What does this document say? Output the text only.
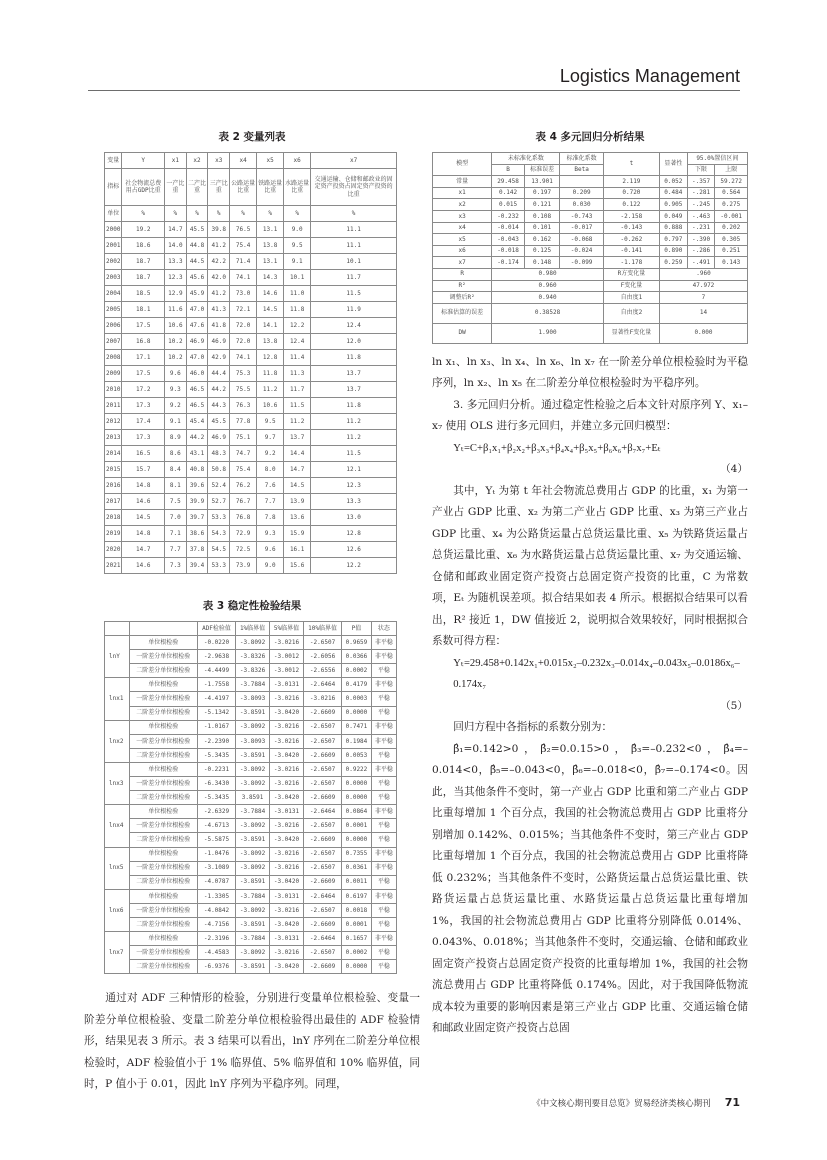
Logistics Management
表 2 变量列表
变量	Y	x1	x2	x3	x4	x5	x6	x7
指标	社会物流总费用占GDP比重	一产比重	二产比重	三产比重	公路运量比重	铁路运量比重	水路运量比重	交通运输、仓储和邮政业的固定资产投资占固定资产投资的比重
单位	%	%	%	%	%	%	%	%
2000	19.2	14.7	45.5	39.8	76.5	13.1	9.0	11.1
2001	18.6	14.0	44.8	41.2	75.4	13.8	9.5	11.1
2002	18.7	13.3	44.5	42.2	71.4	13.1	9.1	10.1
2003	18.7	12.3	45.6	42.0	74.1	14.3	10.1	11.7
2004	18.5	12.9	45.9	41.2	73.0	14.6	11.0	11.5
2005	18.1	11.6	47.0	41.3	72.1	14.5	11.8	11.9
2006	17.5	10.6	47.6	41.8	72.0	14.1	12.2	12.4
2007	16.8	10.2	46.9	46.9	72.0	13.8	12.4	12.0
2008	17.1	10.2	47.0	42.9	74.1	12.8	11.4	11.8
2009	17.5	9.6	46.0	44.4	75.3	11.8	11.3	13.7
2010	17.2	9.3	46.5	44.2	75.5	11.2	11.7	13.7
2011	17.3	9.2	46.5	44.3	76.3	10.6	11.5	11.8
2012	17.4	9.1	45.4	45.5	77.8	9.5	11.2	11.2
2013	17.3	8.9	44.2	46.9	75.1	9.7	13.7	11.2
2014	16.5	8.6	43.1	48.3	74.7	9.2	14.4	11.5
2015	15.7	8.4	40.8	50.8	75.4	8.0	14.7	12.1
2016	14.8	8.1	39.6	52.4	76.2	7.6	14.5	12.3
2017	14.6	7.5	39.9	52.7	76.7	7.7	13.9	13.3
2018	14.5	7.0	39.7	53.3	76.8	7.8	13.6	13.0
2019	14.8	7.1	38.6	54.3	72.9	9.3	15.9	12.8
2020	14.7	7.7	37.8	54.5	72.5	9.6	16.1	12.6
2021	14.6	7.3	39.4	53.3	73.9	9.0	15.6	12.2
表 3 稳定性检验结果
		ADF检验值	1%临界值	5%临界值	10%临界值	P值	状态
lnY	单位根检验	-0.0220	-3.8092	-3.0216	-2.6507	0.9659	非平稳
	一阶差分单位根检验	-2.9638	-3.8326	-3.0012	-2.6056	0.0366	非平稳
	二阶差分单位根检验	-4.4499	-3.8326	-3.0012	-2.6556	0.0002	平稳
lnx1	单位根检验	-1.7558	-3.7884	-3.0131	-2.6464	0.4179	非平稳
	一阶差分单位根检验	-4.4197	-3.8093	-3.0216	-3.0216	0.0003	平稳
	二阶差分单位根检验	-5.1342	-3.8591	-3.0420	-2.6609	0.0000	平稳
lnx2	单位根检验	-1.0167	-3.8092	-3.0216	-2.6507	0.7471	非平稳
	一阶差分单位根检验	-2.2390	-3.8093	-3.0216	-2.6507	0.1984	非平稳
	二阶差分单位根检验	-5.3435	-3.8591	-3.0420	-2.6609	0.0053	平稳
lnx3	单位根检验	-0.2231	-3.8092	-3.0216	-2.6507	0.9222	非平稳
	一阶差分单位根检验	-6.3430	-3.8092	-3.0216	-2.6507	0.0000	平稳
	二阶差分单位根检验	-5.3435	3.8591	-3.0420	-2.6609	0.0000	平稳
lnx4	单位根检验	-2.6329	-3.7884	-3.0131	-2.6464	0.0864	非平稳
	一阶差分单位根检验	-4.6713	-3.8092	-3.0216	-2.6507	0.0001	平稳
	二阶差分单位根检验	-5.5875	-3.8591	-3.0420	-2.6609	0.0000	平稳
lnx5	单位根检验	-1.0476	-3.8092	-3.0216	-2.6507	0.7355	非平稳
	一阶差分单位根检验	-3.1089	-3.8092	-3.0216	-2.6507	0.0361	非平稳
	二阶差分单位根检验	-4.0787	-3.8591	-3.0420	-2.6609	0.0011	平稳
lnx6	单位根检验	-1.3305	-3.7884	-3.0131	-2.6464	0.6197	非平稳
	一阶差分单位根检验	-4.0842	-3.8092	-3.0216	-2.6507	0.0018	平稳
	二阶差分单位根检验	-4.7156	-3.8591	-3.0420	-2.6609	0.0001	平稳
lnx7	单位根检验	-2.3196	-3.7884	-3.0131	-2.6464	0.1657	非平稳
	一阶差分单位根检验	-4.4583	-3.8092	-3.0216	-2.6507	0.0002	平稳
	二阶差分单位根检验	-6.9376	-3.8591	-3.0420	-2.6609	0.0000	平稳

通过对 ADF 三种情形的检验，分别进行变量单位根检验、变量一阶差分单位根检验、变量二阶差分单位根检验得出最佳的 ADF 检验情形，结果见表 3 所示。表 3 结果可以看出，lnY 序列在二阶差分单位根检验时，ADF 检验值小于 1% 临界值、5% 临界值和 10% 临界值，同时，P 值小于 0.01，因此 lnY 序列为平稳序列。同理，

表 4 多元回归分析结果
模型	未标准化系数		标准化系数	t	显著性	95.0%置信区间	
	B	标准误差	Beta			下限	上限
常量	29.458	13.901		2.119	0.052	-.357	59.272
x1	0.142	0.197	0.209	0.720	0.484	-.281	0.564
x2	0.015	0.121	0.030	0.122	0.905	-.245	0.275
x3	-0.232	0.108	-0.743	-2.158	0.049	-.463	-0.001
x4	-0.014	0.101	-0.017	-0.143	0.888	-.231	0.202
x5	-0.043	0.162	-0.068	-0.262	0.797	-.390	0.305
x6	-0.018	0.125	-0.024	-0.141	0.890	-.286	0.251
x7	-0.174	0.148	-0.099	-1.178	0.259	-.491	0.143
R	0.980			R方变化量	.960		
R²	0.960			F变化量	47.972		
调整后R²	0.940			自由度1	7		
标准估算的误差	0.38528			自由度2	14		
DW	1.900			显著性F变化量	0.000		

ln x₁、ln x₃、ln x₄、ln x₆、ln x₇ 在一阶差分单位根检验时为平稳序列，ln x₂、ln x₅ 在二阶差分单位根检验时为平稳序列。

3. 多元回归分析。通过稳定性检验之后本文针对原序列 Y、x₁–x₇ 使用 OLS 进行多元回归，并建立多元回归模型：

Yₜ=C+β₁x₁+β₂x₂+β₃x₃+β₄x₄+β₅x₅+β₆x₆+β₇x₇+Eₜ

（4）

其中，Yₜ 为第 t 年社会物流总费用占 GDP 的比重，x₁ 为第一产业占 GDP 比重、x₂ 为第二产业占 GDP 比重、x₃ 为第三产业占 GDP 比重、x₄ 为公路货运量占总货运量比重、x₅ 为铁路货运量占总货运量比重、x₆ 为水路货运量占总货运量比重、x₇ 为交通运输、仓储和邮政业固定资产投资占总固定资产投资的比重，C 为常数项，Eₜ 为随机误差项。拟合结果如表 4 所示。根据拟合结果可以看出，R² 接近 1，DW 值接近 2，说明拟合效果较好，同时根据拟合系数可得方程：

Yₜ=29.458+0.142x₁+0.015x₂–0.232x₃–0.014x₄–0.043x₅–0.0186x₆–0.174x₇

（5）

回归方程中各指标的系数分别为：

β̂₁=0.142>0，β̂₂=0.0.15>0，β̂₃=–0.232<0，β̂₄=–0.014<0，β̂₅=–0.043<0，β̂₆=–0.018<0，β̂₇=–0.174<0。因此，当其他条件不变时，第一产业占 GDP 比重和第二产业占 GDP 比重每增加 1 个百分点，我国的社会物流总费用占 GDP 比重将分别增加 0.142%、0.015%；当其他条件不变时，第三产业占 GDP 比重每增加 1 个百分点，我国的社会物流总费用占 GDP 比重将降低 0.232%；当其他条件不变时，公路货运量占总货运量比重、铁路货运量占总货运量比重、水路货运量占总货运量比重每增加 1%，我国的社会物流总费用占 GDP 比重将分别降低 0.014%、0.043%、0.018%；当其他条件不变时，交通运输、仓储和邮政业固定资产投资占总固定资产投资的比重每增加 1%，我国的社会物流总费用占 GDP 比重将降低 0.174%。因此，对于我国降低物流成本较为重要的影响因素是第三产业占 GDP 比重、交通运输仓储和邮政业固定资产投资占总固

《中文核心期刊要目总览》贸易经济类核心期刊 71
